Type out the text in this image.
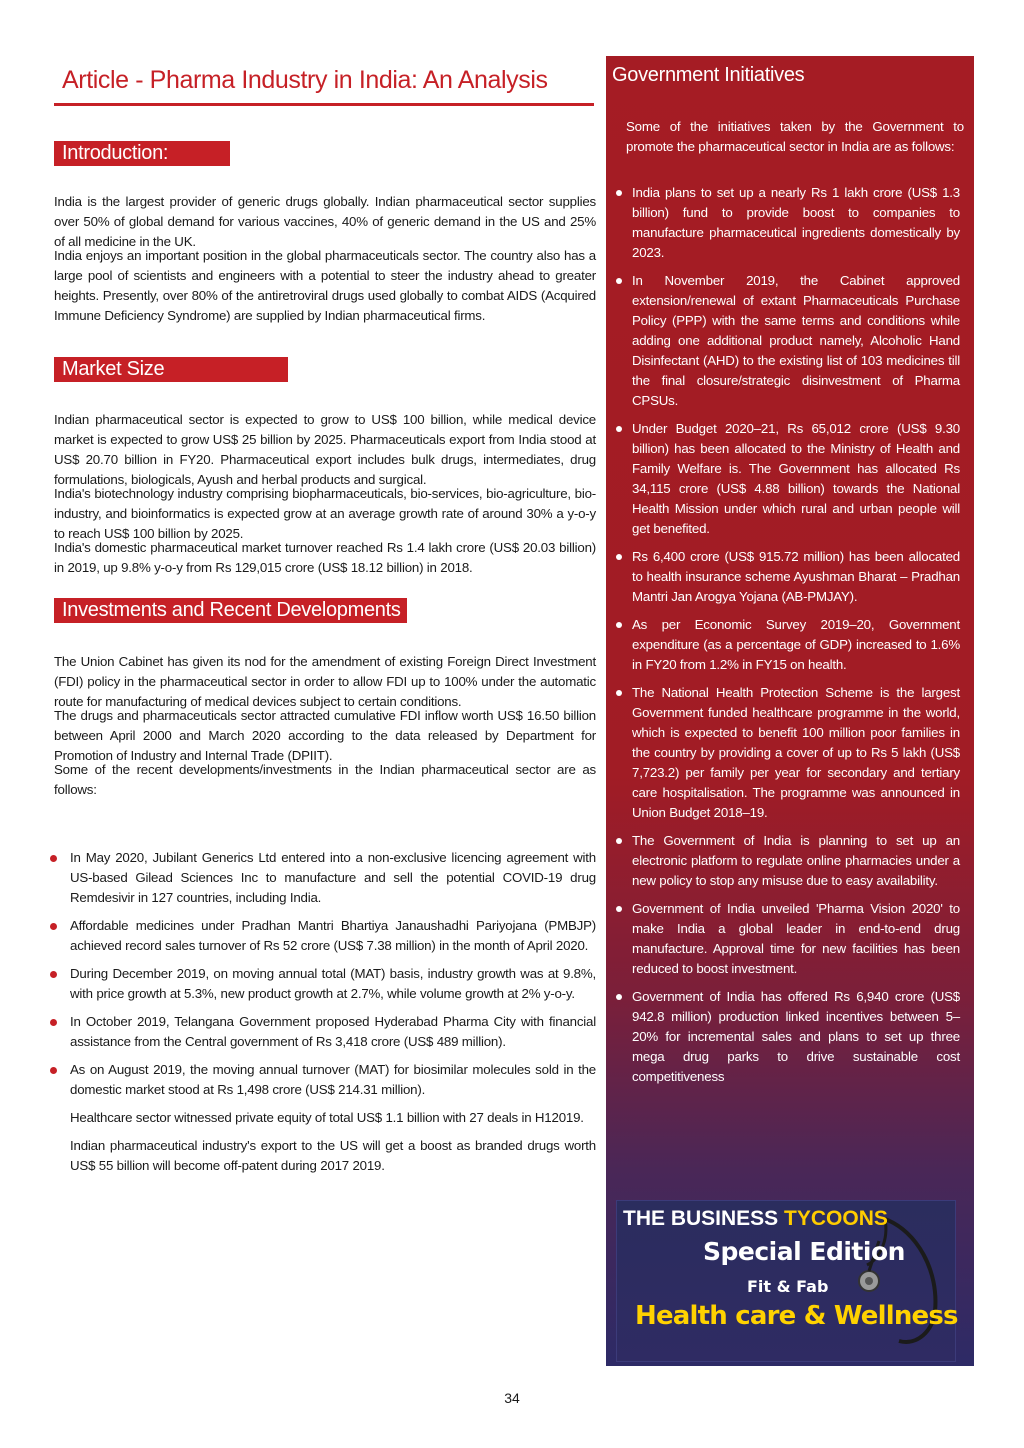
Article - Pharma Industry in India: An Analysis
Introduction:

India is the largest provider of generic drugs globally. Indian pharmaceutical sector supplies over 50% of global demand for various vaccines, 40% of generic demand in the US and 25% of all medicine in the UK.

India enjoys an important position in the global pharmaceuticals sector. The country also has a large pool of scientists and engineers with a potential to steer the industry ahead to greater heights. Presently, over 80% of the antiretroviral drugs used globally to combat AIDS (Acquired Immune Deficiency Syndrome) are supplied by Indian pharmaceutical firms.

Market Size

Indian pharmaceutical sector is expected to grow to US$ 100 billion, while medical device market is expected to grow US$ 25 billion by 2025. Pharmaceuticals export from India stood at US$ 20.70 billion in FY20. Pharmaceutical export includes bulk drugs, intermediates, drug formulations, biologicals, Ayush and herbal products and surgical.

India's biotechnology industry comprising biopharmaceuticals, bio-services, bio-agriculture, bio-industry, and bioinformatics is expected grow at an average growth rate of around 30% a y-o-y to reach US$ 100 billion by 2025.

India's domestic pharmaceutical market turnover reached Rs 1.4 lakh crore (US$ 20.03 billion) in 2019, up 9.8% y-o-y from Rs 129,015 crore (US$ 18.12 billion) in 2018.

Investments and Recent Developments

The Union Cabinet has given its nod for the amendment of existing Foreign Direct Investment (FDI) policy in the pharmaceutical sector in order to allow FDI up to 100% under the automatic route for manufacturing of medical devices subject to certain conditions.

The drugs and pharmaceuticals sector attracted cumulative FDI inflow worth US$ 16.50 billion between April 2000 and March 2020 according to the data released by Department for Promotion of Industry and Internal Trade (DPIIT).

Some of the recent developments/investments in the Indian pharmaceutical sector are as follows:

In May 2020, Jubilant Generics Ltd entered into a non-exclusive licencing agreement with US-based Gilead Sciences Inc to manufacture and sell the potential COVID-19 drug Remdesivir in 127 countries, including India.
Affordable medicines under Pradhan Mantri Bhartiya Janaushadhi Pariyojana (PMBJP) achieved record sales turnover of Rs 52 crore (US$ 7.38 million) in the month of April 2020.
During December 2019, on moving annual total (MAT) basis, industry growth was at 9.8%, with price growth at 5.3%, new product growth at 2.7%, while volume growth at 2% y-o-y.
In October 2019, Telangana Government proposed Hyderabad Pharma City with financial assistance from the Central government of Rs 3,418 crore (US$ 489 million).
As on August 2019, the moving annual turnover (MAT) for biosimilar molecules sold in the domestic market stood at Rs 1,498 crore (US$ 214.31 million).
Healthcare sector witnessed private equity of total US$ 1.1 billion with 27 deals in H12019.
Indian pharmaceutical industry's export to the US will get a boost as branded drugs worth US$ 55 billion will become off-patent during 2017 2019.
Government Initiatives
Some of the initiatives taken by the Government to promote the pharmaceutical sector in India are as follows:
India plans to set up a nearly Rs 1 lakh crore (US$ 1.3 billion) fund to provide boost to companies to manufacture pharmaceutical ingredients domestically by 2023.
In November 2019, the Cabinet approved extension/renewal of extant Pharmaceuticals Purchase Policy (PPP) with the same terms and conditions while adding one additional product namely, Alcoholic Hand Disinfectant (AHD) to the existing list of 103 medicines till the final closure/strategic disinvestment of Pharma CPSUs.
Under Budget 2020–21, Rs 65,012 crore (US$ 9.30 billion) has been allocated to the Ministry of Health and Family Welfare is. The Government has allocated Rs 34,115 crore (US$ 4.88 billion) towards the National Health Mission under which rural and urban people will get benefited.
Rs 6,400 crore (US$ 915.72 million) has been allocated to health insurance scheme Ayushman Bharat – Pradhan Mantri Jan Arogya Yojana (AB-PMJAY).
As per Economic Survey 2019–20, Government expenditure (as a percentage of GDP) increased to 1.6% in FY20 from 1.2% in FY15 on health.
The National Health Protection Scheme is the largest Government funded healthcare programme in the world, which is expected to benefit 100 million poor families in the country by providing a cover of up to Rs 5 lakh (US$ 7,723.2) per family per year for secondary and tertiary care hospitalisation. The programme was announced in Union Budget 2018–19.
The Government of India is planning to set up an electronic platform to regulate online pharmacies under a new policy to stop any misuse due to easy availability.
Government of India unveiled 'Pharma Vision 2020' to make India a global leader in end-to-end drug manufacture. Approval time for new facilities has been reduced to boost investment.
Government of India has offered Rs 6,940 crore (US$ 942.8 million) production linked incentives between 5–20% for incremental sales and plans to set up three mega drug parks to drive sustainable cost competitiveness
THE BUSINESS TYCOONS
Special Edition
Fit & Fab
Health care & Wellness
34
